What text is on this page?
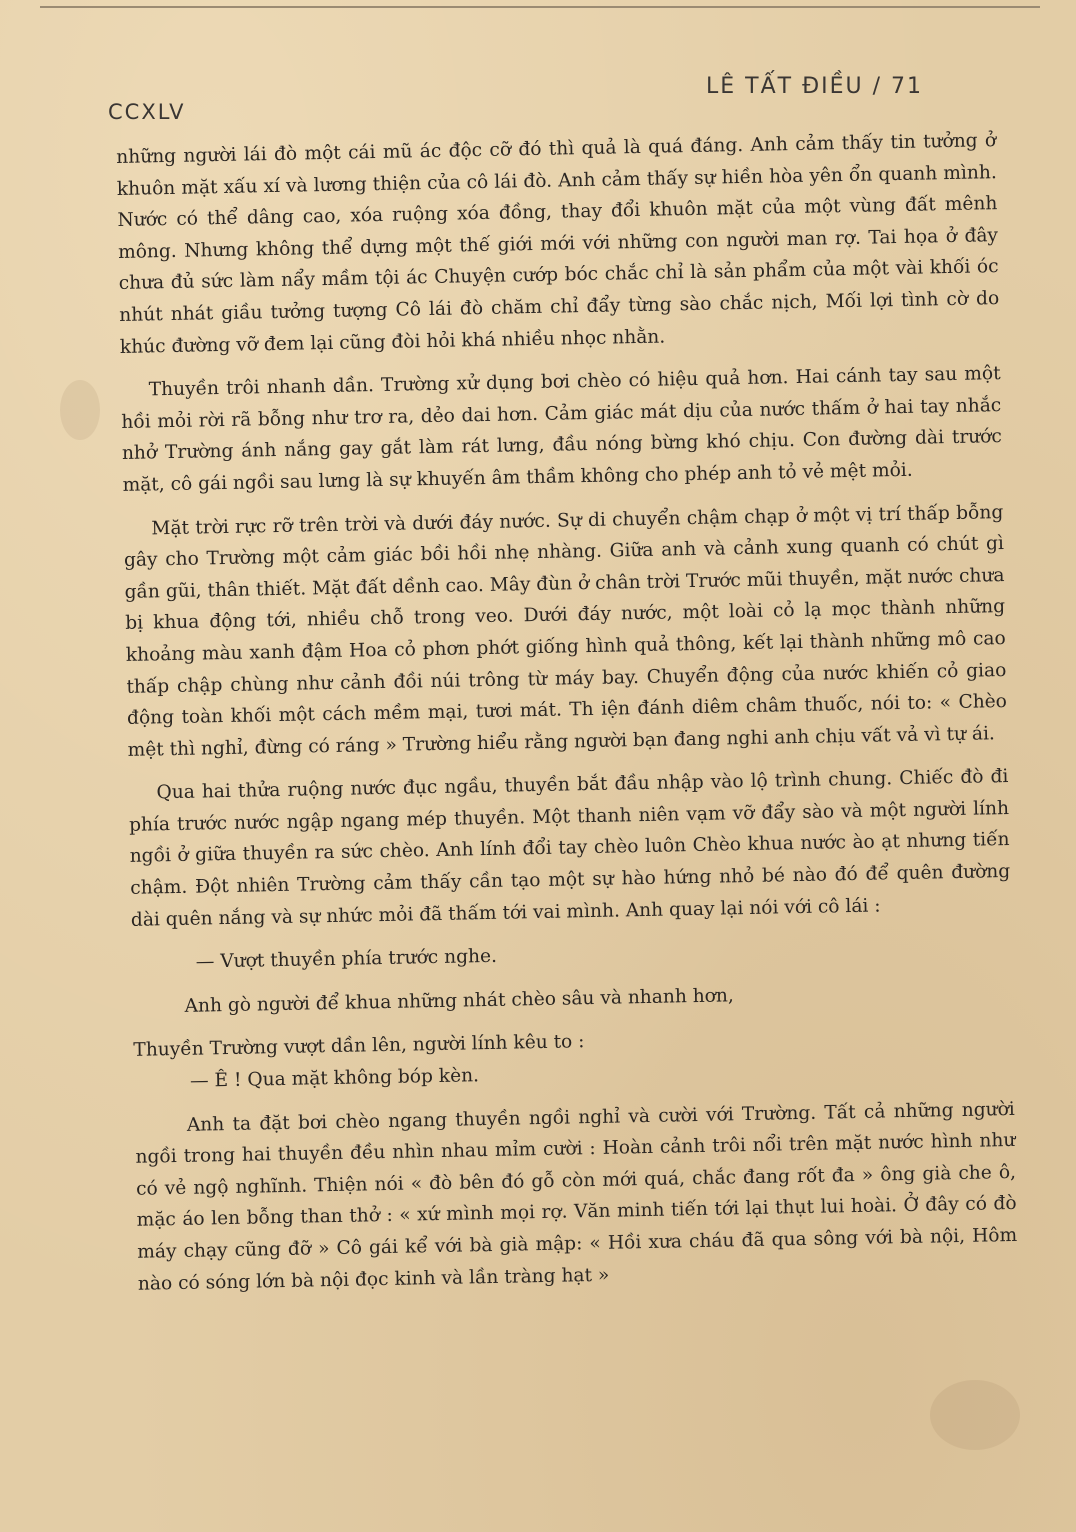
CCXLV
LÊ TẤT ĐIỀU / 71

những người lái đò một cái mũ ác độc cỡ đó thì quả là quá đáng. Anh cảm thấy tin tưởng ở khuôn mặt xấu xí và lương thiện của cô lái đò. Anh cảm thấy sự hiền hòa yên ổn quanh mình. Nước có thể dâng cao, xóa ruộng xóa đồng, thay đổi khuôn mặt của một vùng đất mênh mông. Nhưng không thể dựng một thế giới mới với những con người man rợ. Tai họa ở đây chưa đủ sức làm nẩy mầm tội ác Chuyện cướp bóc chắc chỉ là sản phẩm của một vài khối óc nhút nhát giầu tưởng tượng Cô lái đò chăm chỉ đẩy từng sào chắc nịch, Mối lợi tình cờ do khúc đường vỡ đem lại cũng đòi hỏi khá nhiều nhọc nhằn.

Thuyền trôi nhanh dần. Trường xử dụng bơi chèo có hiệu quả hơn. Hai cánh tay sau một hồi mỏi rời rã bỗng như trơ ra, dẻo dai hơn. Cảm giác mát dịu của nước thấm ở hai tay nhắc nhở Trường ánh nắng gay gắt làm rát lưng, đầu nóng bừng khó chịu. Con đường dài trước mặt, cô gái ngồi sau lưng là sự khuyến âm thầm không cho phép anh tỏ vẻ mệt mỏi.

Mặt trời rực rỡ trên trời và dưới đáy nước. Sự di chuyển chậm chạp ở một vị trí thấp bỗng gây cho Trường một cảm giác bồi hồi nhẹ nhàng. Giữa anh và cảnh xung quanh có chút gì gần gũi, thân thiết. Mặt đất dềnh cao. Mây đùn ở chân trời Trước mũi thuyền, mặt nước chưa bị khua động tới, nhiều chỗ trong veo. Dưới đáy nước, một loài cỏ lạ mọc thành những khoảng màu xanh đậm Hoa cỏ phơn phớt giống hình quả thông, kết lại thành những mô cao thấp chập chùng như cảnh đồi núi trông từ máy bay. Chuyển động của nước khiến cỏ giao động toàn khối một cách mềm mại, tươi mát. Th iện đánh diêm châm thuốc, nói to: « Chèo mệt thì nghỉ, đừng có ráng » Trường hiểu rằng người bạn đang nghi anh chịu vất vả vì tự ái.

Qua hai thửa ruộng nước đục ngầu, thuyền bắt đầu nhập vào lộ trình chung. Chiếc đò đi phía trước nước ngập ngang mép thuyền. Một thanh niên vạm vỡ đẩy sào và một người lính ngồi ở giữa thuyền ra sức chèo. Anh lính đổi tay chèo luôn Chèo khua nước ào ạt nhưng tiến chậm. Đột nhiên Trường cảm thấy cần tạo một sự hào hứng nhỏ bé nào đó để quên đường dài quên nắng và sự nhức mỏi đã thấm tới vai mình. Anh quay lại nói với cô lái :

— Vượt thuyền phía trước nghe.

Anh gò người để khua những nhát chèo sâu và nhanh hơn,

Thuyền Trường vượt dần lên, người lính kêu to :

— Ê ! Qua mặt không bóp kèn.

Anh ta đặt bơi chèo ngang thuyền ngồi nghỉ và cười với Trường. Tất cả những người ngồi trong hai thuyền đều nhìn nhau mỉm cười : Hoàn cảnh trôi nổi trên mặt nước hình như có vẻ ngộ nghĩnh. Thiện nói « đò bên đó gỗ còn mới quá, chắc đang rốt đa » ông già che ô, mặc áo len bỗng than thở : « xứ mình mọi rợ. Văn minh tiến tới lại thụt lui hoài. Ở đây có đò máy chạy cũng đỡ » Cô gái kể với bà già mập: « Hồi xưa cháu đã qua sông với bà nội, Hôm nào có sóng lớn bà nội đọc kinh và lần tràng hạt »
